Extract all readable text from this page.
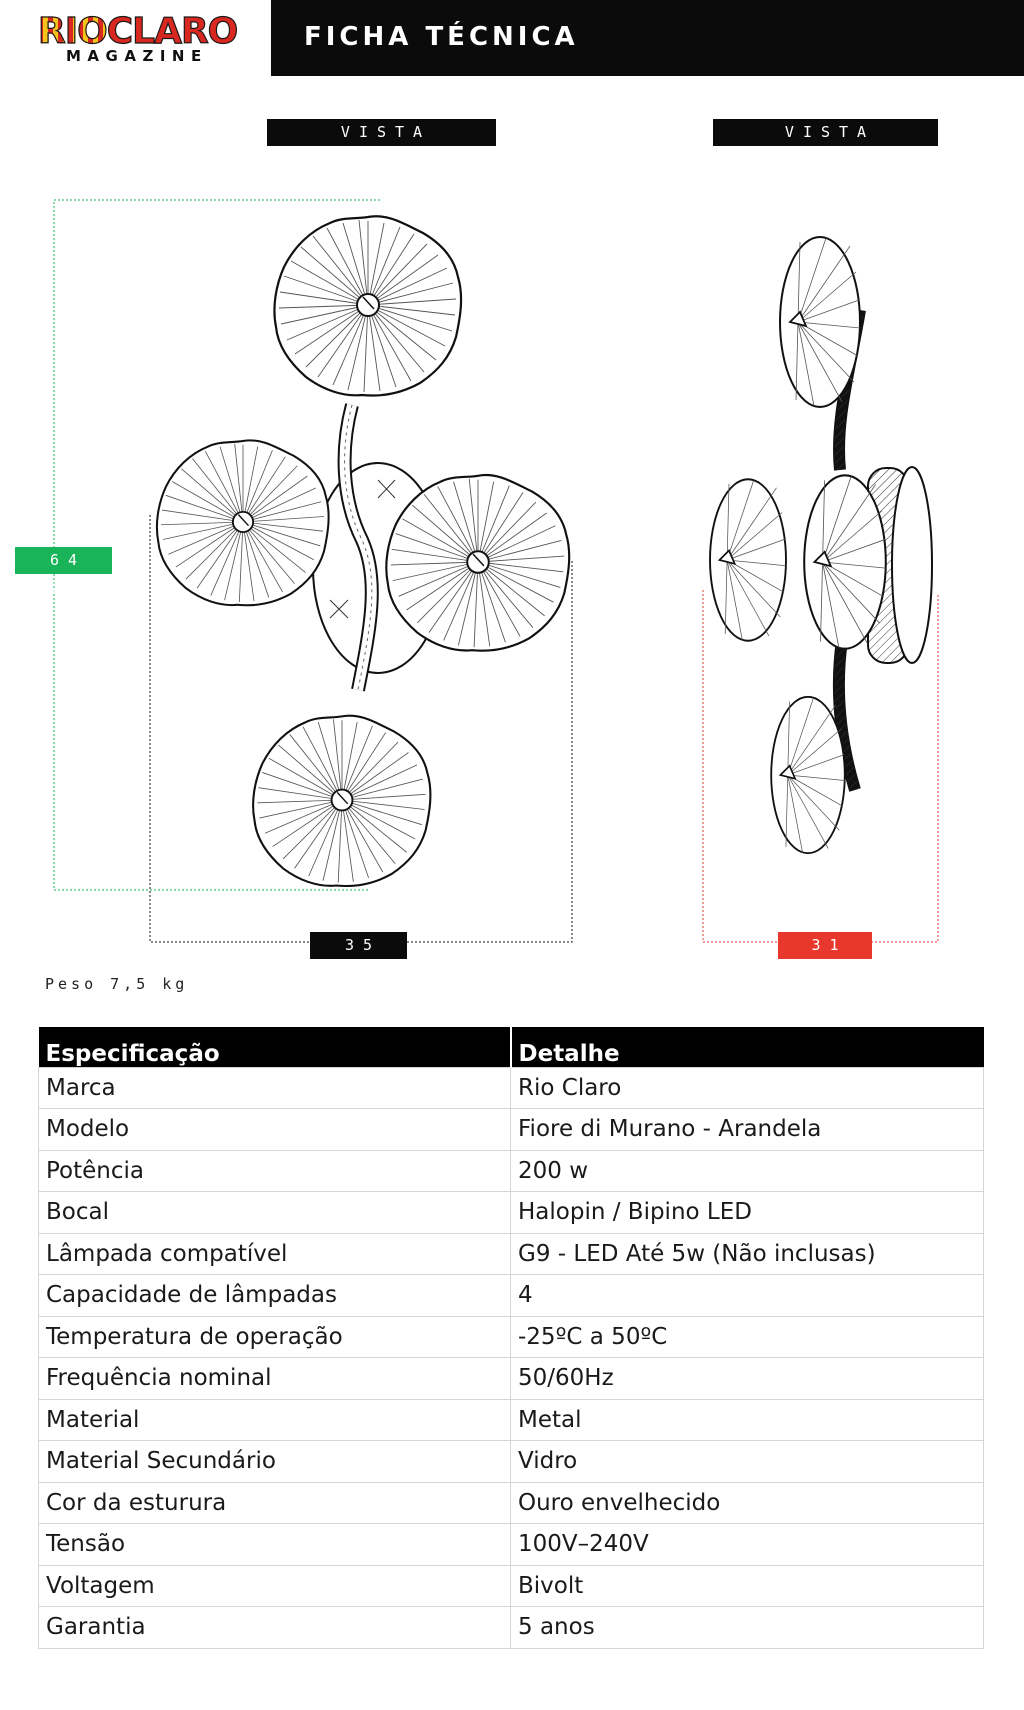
RIOCLARO
MAGAZINE
FICHA TÉCNICA
VISTA FRONTAL
VISTA LATERAL
64 cm
35 cm
31 cm
Peso 7,5 kg
Especificação	Detalhe
Marca	Rio Claro
Modelo	Fiore di Murano - Arandela
Potência	200 w
Bocal	Halopin / Bipino LED
Lâmpada compatível	G9 - LED Até 5w (Não inclusas)
Capacidade de lâmpadas	4
Temperatura de operação	-25ºC a 50ºC
Frequência nominal	50/60Hz
Material	Metal
Material Secundário	Vidro
Cor da esturura	Ouro envelhecido
Tensão	100V–240V
Voltagem	Bivolt
Garantia	5 anos
